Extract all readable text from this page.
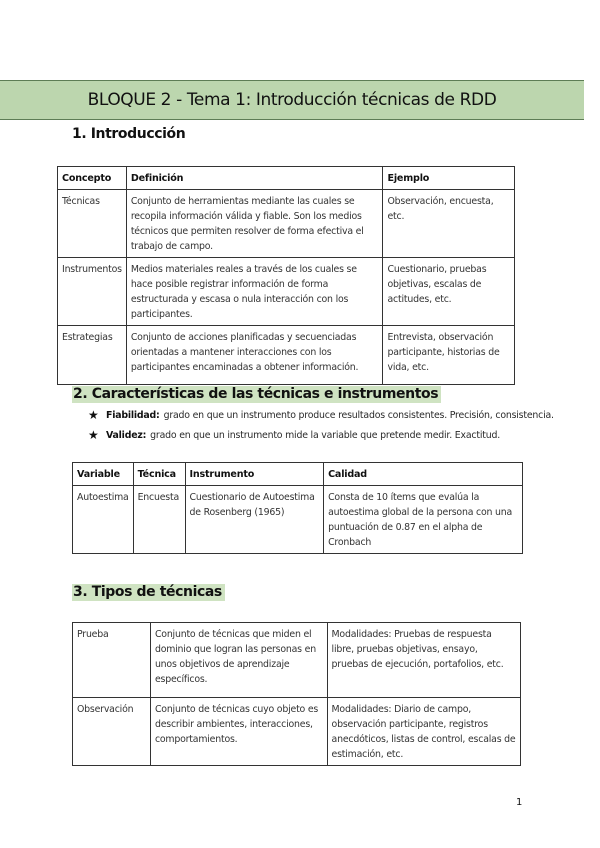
BLOQUE 2 - Tema 1: Introducción técnicas de RDD
1. Introducción
Concepto	Definición	Ejemplo
Técnicas	Conjunto de herramientas mediante las cuales se recopila información válida y fiable. Son los medios técnicos que permiten resolver de forma efectiva el trabajo de campo.	Observación, encuesta, etc.
Instrumentos	Medios materiales reales a través de los cuales se hace posible registrar información de forma estructurada y escasa o nula interacción con los participantes.	Cuestionario, pruebas objetivas, escalas de actitudes, etc.
Estrategias	Conjunto de acciones planificadas y secuenciadas orientadas a mantener interacciones con los participantes encaminadas a obtener información.	Entrevista, observación participante, historias de vida, etc.
2. Características de las técnicas e instrumentos
★ Fiabilidad: grado en que un instrumento produce resultados consistentes. Precisión, consistencia.
★ Validez: grado en que un instrumento mide la variable que pretende medir. Exactitud.
Variable	Técnica	Instrumento	Calidad
Autoestima	Encuesta	Cuestionario de Autoestima de Rosenberg (1965)	Consta de 10 ítems que evalúa la autoestima global de la persona con una puntuación de 0.87 en el alpha de Cronbach
3. Tipos de técnicas
Prueba	Conjunto de técnicas que miden el dominio que logran las personas en unos objetivos de aprendizaje específicos.	Modalidades: Pruebas de respuesta libre, pruebas objetivas, ensayo, pruebas de ejecución, portafolios, etc.
Observación	Conjunto de técnicas cuyo objeto es describir ambientes, interacciones, comportamientos.	Modalidades: Diario de campo, observación participante, registros anecdóticos, listas de control, escalas de estimación, etc.
1
